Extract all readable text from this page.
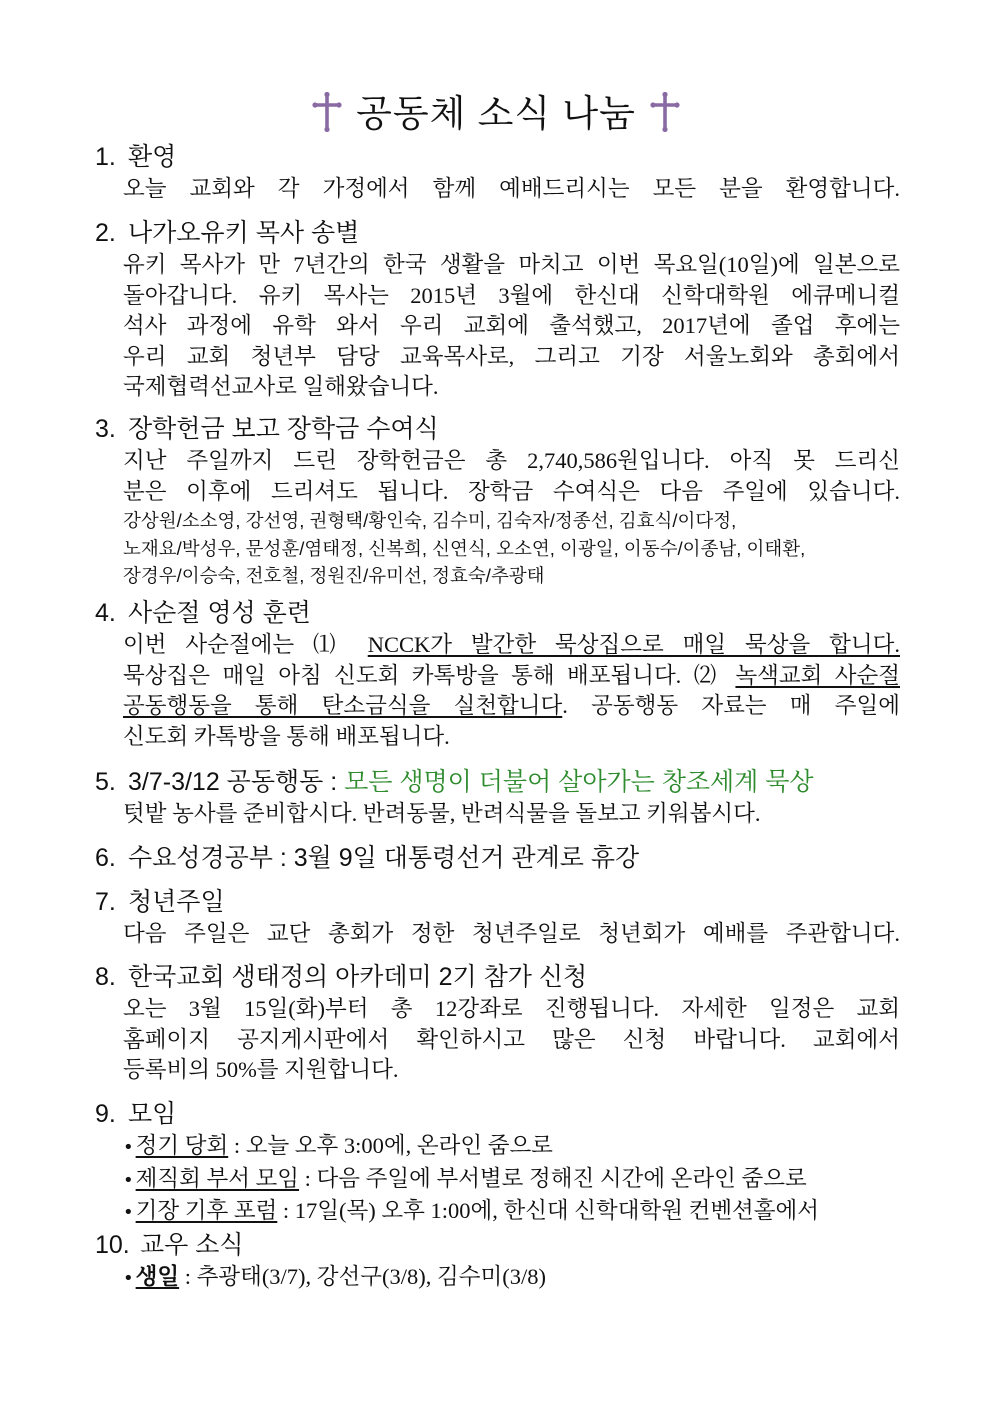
공동체 소식 나눔
1. 환영
오늘 교회와 각 가정에서 함께 예배드리시는 모든 분을 환영합니다.
2. 나가오유키 목사 송별
유키 목사가 만 7년간의 한국 생활을 마치고 이번 목요일(10일)에 일본으로
돌아갑니다. 유키 목사는 2015년 3월에 한신대 신학대학원 에큐메니컬
석사 과정에 유학 와서 우리 교회에 출석했고, 2017년에 졸업 후에는
우리 교회 청년부 담당 교육목사로, 그리고 기장 서울노회와 총회에서
국제협력선교사로 일해왔습니다.
3. 장학헌금 보고 장학금 수여식
지난 주일까지 드린 장학헌금은 총 2,740,586원입니다. 아직 못 드리신
분은 이후에 드리셔도 됩니다. 장학금 수여식은 다음 주일에 있습니다.
강상원/소소영, 강선영, 권형택/황인숙, 김수미, 김숙자/정종선, 김효식/이다정,
노재요/박성우, 문성훈/염태정, 신복희, 신연식, 오소연, 이광일, 이동수/이종남, 이태환,
장경우/이승숙, 전호철, 정원진/유미선, 정효숙/추광태
4. 사순절 영성 훈련
이번 사순절에는 ⑴ NCCK가 발간한 묵상집으로 매일 묵상을 합니다.
묵상집은 매일 아침 신도회 카톡방을 통해 배포됩니다. ⑵ 녹색교회 사순절
공동행동을 통해 탄소금식을 실천합니다. 공동행동 자료는 매 주일에
신도회 카톡방을 통해 배포됩니다.
5. 3/7-3/12 공동행동 : 모든 생명이 더불어 살아가는 창조세계 묵상
텃밭 농사를 준비합시다. 반려동물, 반려식물을 돌보고 키워봅시다.
6. 수요성경공부 : 3월 9일 대통령선거 관계로 휴강
7. 청년주일
다음 주일은 교단 총회가 정한 청년주일로 청년회가 예배를 주관합니다.
8. 한국교회 생태정의 아카데미 2기 참가 신청
오는 3월 15일(화)부터 총 12강좌로 진행됩니다. 자세한 일정은 교회
홈페이지 공지게시판에서 확인하시고 많은 신청 바랍니다. 교회에서
등록비의 50%를 지원합니다.
9. 모임
•정기 당회 : 오늘 오후 3:00에, 온라인 줌으로
•제직회 부서 모임 : 다음 주일에 부서별로 정해진 시간에 온라인 줌으로
•기장 기후 포럼 : 17일(목) 오후 1:00에, 한신대 신학대학원 컨벤션홀에서
10. 교우 소식
•생일 : 추광태(3/7), 강선구(3/8), 김수미(3/8)
